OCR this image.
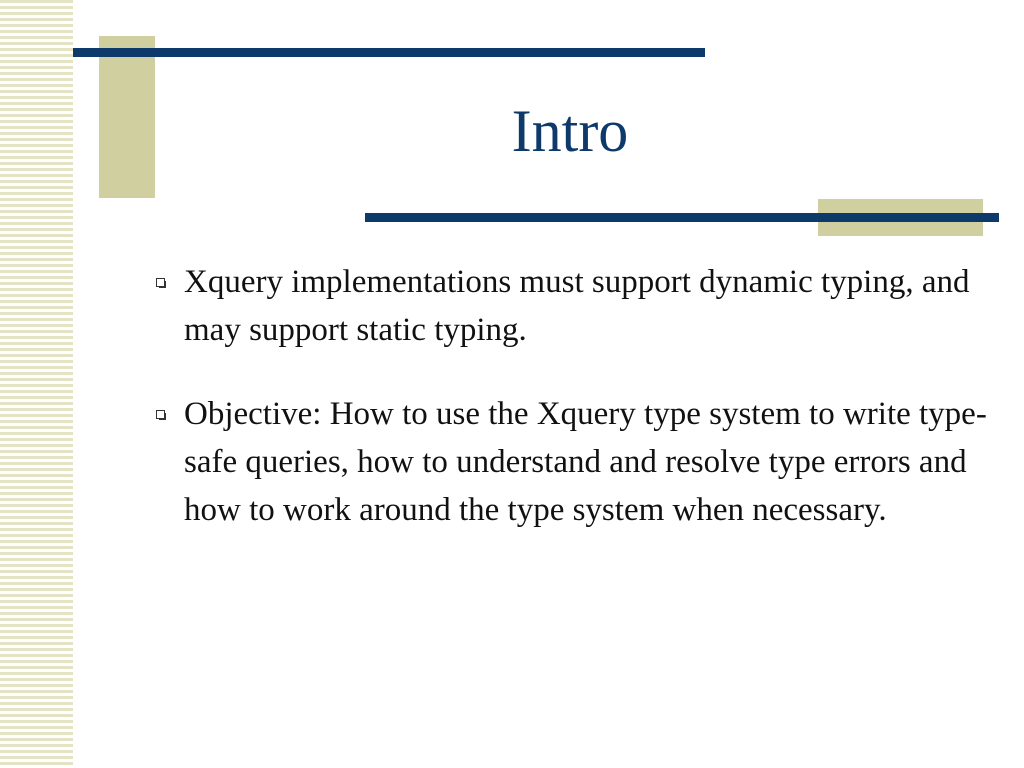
Intro
Xquery implementations must support dynamic typing, and may support static typing.
Objective: How to use the Xquery type system to write type-safe queries, how to understand and resolve type errors and how to work around the type system when necessary.
